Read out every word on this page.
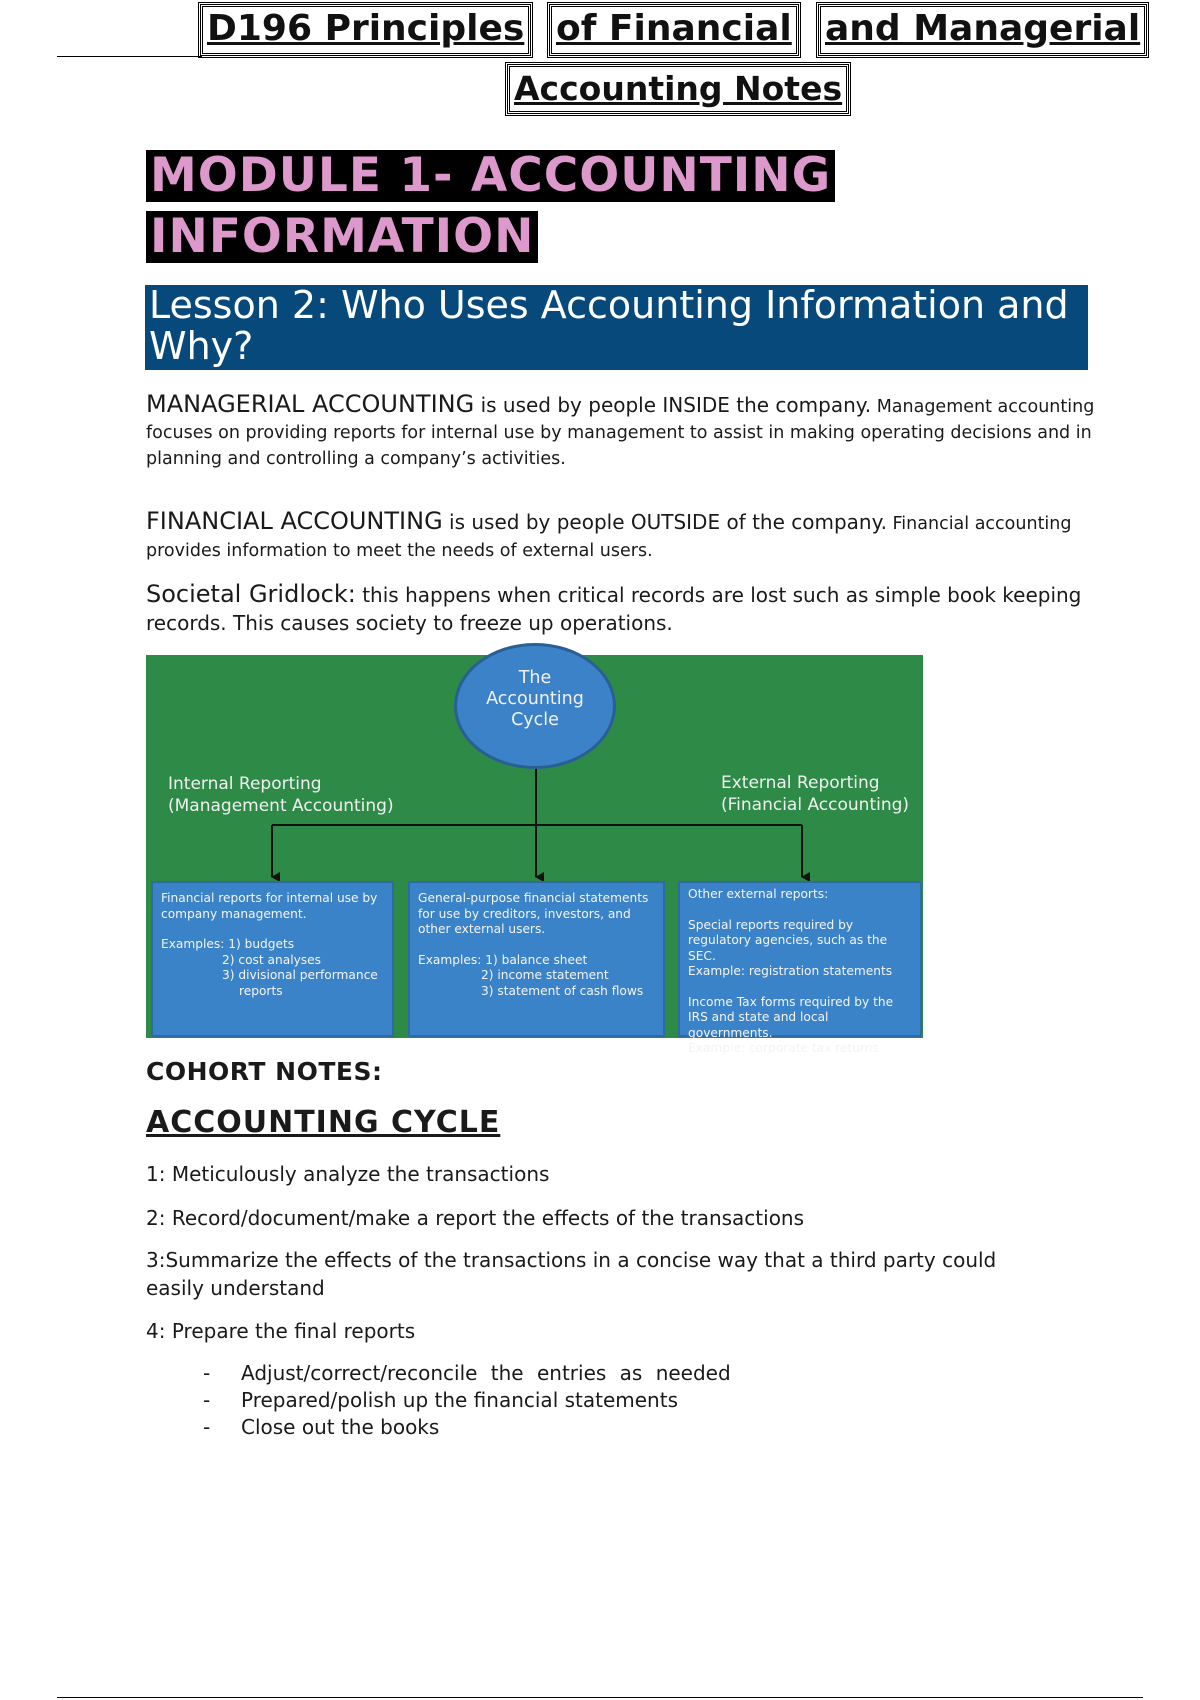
D196 Principles of Financial and Managerial
Accounting Notes
MODULE 1- ACCOUNTING
INFORMATION
Lesson 2: Who Uses Accounting Information and Why?
MANAGERIAL ACCOUNTING is used by people INSIDE the company. Management accounting focuses on providing reports for internal use by management to assist in making operating decisions and in planning and controlling a company’s activities.
FINANCIAL ACCOUNTING is used by people OUTSIDE of the company. Financial accounting provides information to meet the needs of external users.
Societal Gridlock: this happens when critical records are lost such as simple book keeping records. This causes society to freeze up operations.
The
Accounting
Cycle
Internal Reporting
(Management Accounting)
External Reporting
(Financial Accounting)

Financial reports for internal use by company management.

Examples: 1) budgets

2) cost analyses

3) divisional performance

reports

General-purpose financial statements for use by creditors, investors, and other external users.

Examples: 1) balance sheet

2) income statement

3) statement of cash flows

Other external reports:

Special reports required by regulatory agencies, such as the SEC.

Example: registration statements

Income Tax forms required by the IRS and state and local governments.

Example: corporate tax returns

COHORT NOTES:
ACCOUNTING CYCLE
1: Meticulously analyze the transactions
2: Record/document/make a report the effects of the transactions
3:Summarize the effects of the transactions in a concise way that a third party could easily understand
4: Prepare the final reports
- Adjust/correct/reconcile the entries as needed
- Prepared/polish up the financial statements
- Close out the books
